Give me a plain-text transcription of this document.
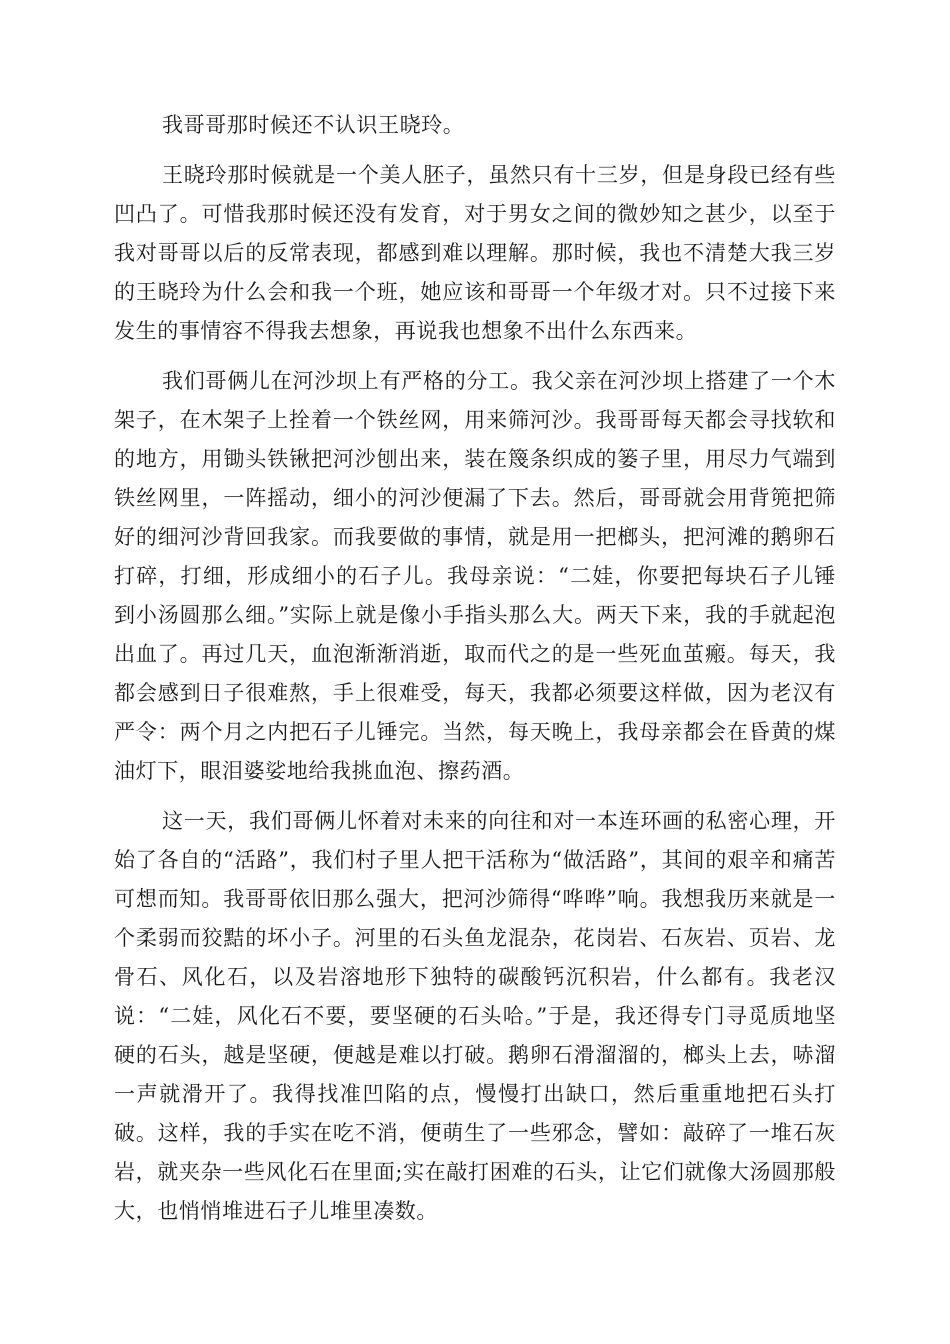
我哥哥那时候还不认识王晓玲。

王晓玲那时候就是一个美人胚子，虽然只有十三岁，但是身段已经有些凹凸了。可惜我那时候还没有发育，对于男女之间的微妙知之甚少，以至于我对哥哥以后的反常表现，都感到难以理解。那时候，我也不清楚大我三岁的王晓玲为什么会和我一个班，她应该和哥哥一个年级才对。只不过接下来发生的事情容不得我去想象，再说我也想象不出什么东西来。

我们哥俩儿在河沙坝上有严格的分工。我父亲在河沙坝上搭建了一个木架子，在木架子上拴着一个铁丝网，用来筛河沙。我哥哥每天都会寻找软和的地方，用锄头铁锹把河沙刨出来，装在篾条织成的篓子里，用尽力气端到铁丝网里，一阵摇动，细小的河沙便漏了下去。然后，哥哥就会用背篼把筛好的细河沙背回我家。而我要做的事情，就是用一把榔头，把河滩的鹅卵石打碎，打细，形成细小的石子儿。我母亲说：“二娃，你要把每块石子儿锤到小汤圆那么细。”实际上就是像小手指头那么大。两天下来，我的手就起泡出血了。再过几天，血泡渐渐消逝，取而代之的是一些死血茧瘢。每天，我都会感到日子很难熬，手上很难受，每天，我都必须要这样做，因为老汉有严令：两个月之内把石子儿锤完。当然，每天晚上，我母亲都会在昏黄的煤油灯下，眼泪婆娑地给我挑血泡、擦药酒。

这一天，我们哥俩儿怀着对未来的向往和对一本连环画的私密心理，开始了各自的“活路”，我们村子里人把干活称为“做活路”，其间的艰辛和痛苦可想而知。我哥哥依旧那么强大，把河沙筛得“哗哗”响。我想我历来就是一个柔弱而狡黠的坏小子。河里的石头鱼龙混杂，花岗岩、石灰岩、页岩、龙骨石、风化石，以及岩溶地形下独特的碳酸钙沉积岩，什么都有。我老汉说：“二娃，风化石不要，要坚硬的石头哈。”于是，我还得专门寻觅质地坚硬的石头，越是坚硬，便越是难以打破。鹅卵石滑溜溜的，榔头上去，哧溜一声就滑开了。我得找准凹陷的点，慢慢打出缺口，然后重重地把石头打破。这样，我的手实在吃不消，便萌生了一些邪念，譬如：敲碎了一堆石灰岩，就夹杂一些风化石在里面;实在敲打困难的石头，让它们就像大汤圆那般大，也悄悄堆进石子儿堆里凑数。
